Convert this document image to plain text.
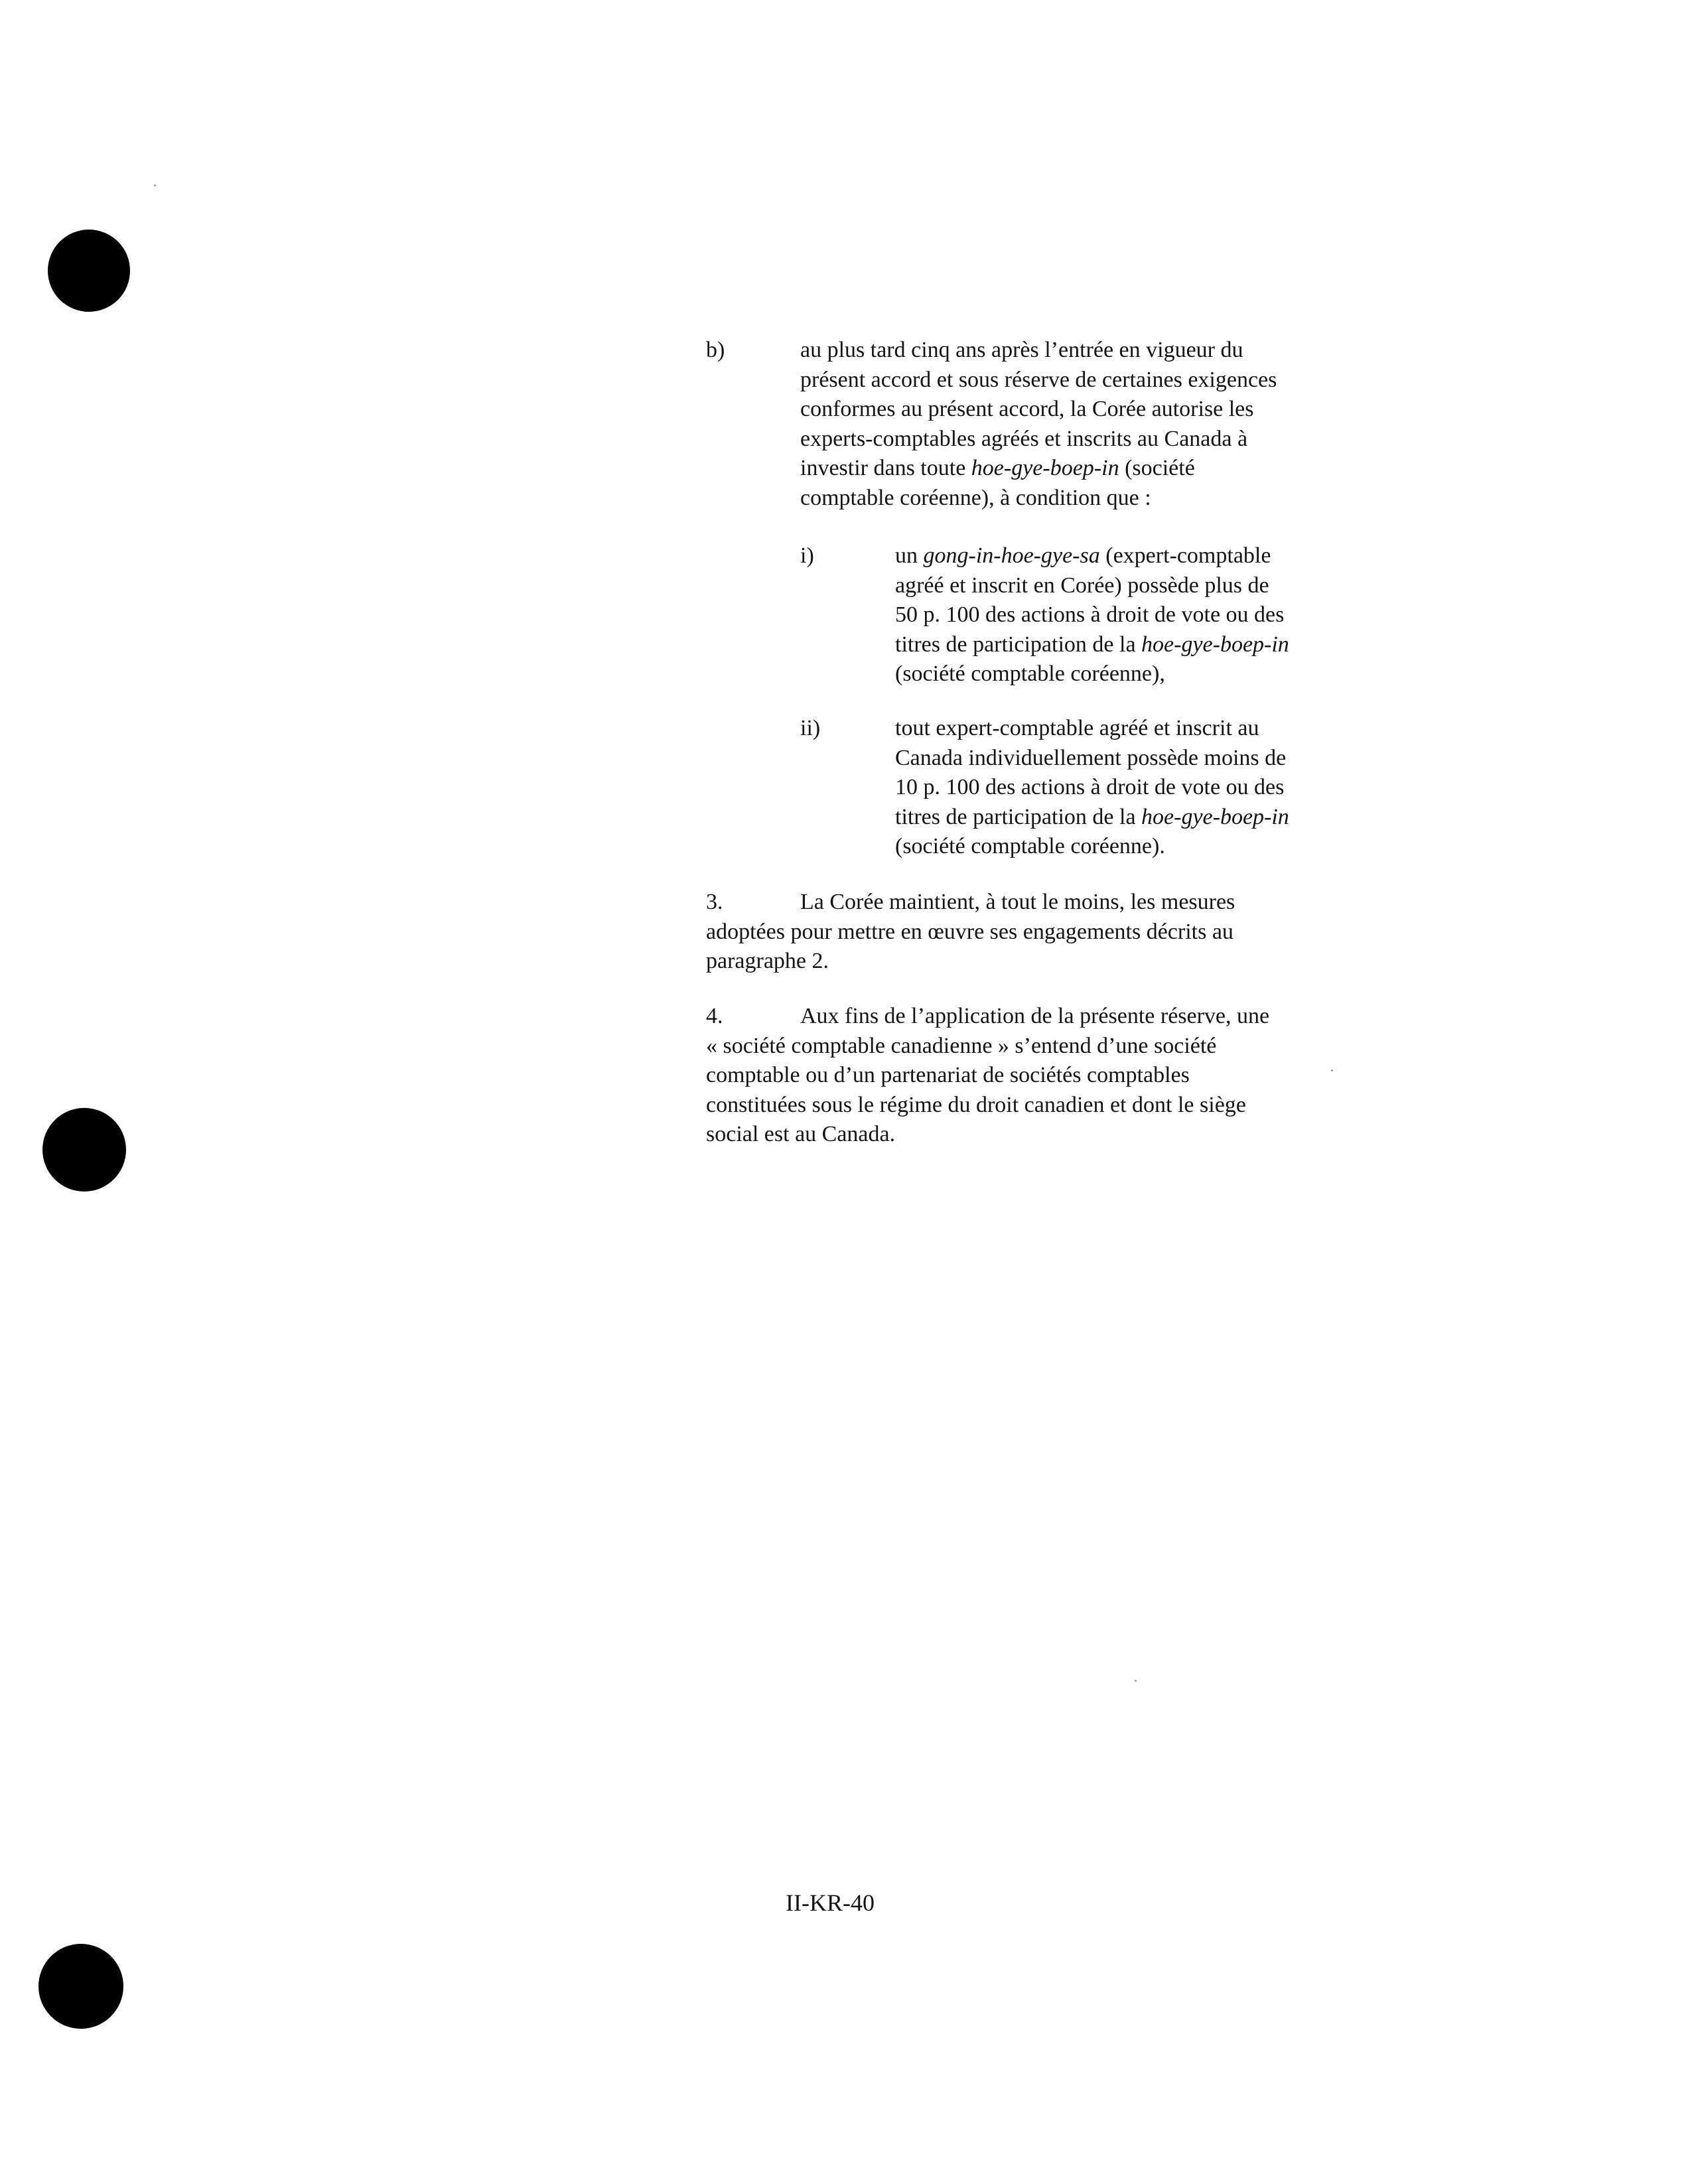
b)	au plus tard cinq ans après l’entrée en vigueur du
présent accord et sous réserve de certaines exigences
conformes au présent accord, la Corée autorise les
experts-comptables agréés et inscrits au Canada à
investir dans toute hoe-gye-boep-in (société
comptable coréenne), à condition que :
i)	un gong-in-hoe-gye-sa (expert-comptable
agréé et inscrit en Corée) possède plus de
50 p. 100 des actions à droit de vote ou des
titres de participation de la hoe-gye-boep-in
(société comptable coréenne),
ii)	tout expert-comptable agréé et inscrit au
Canada individuellement possède moins de
10 p. 100 des actions à droit de vote ou des
titres de participation de la hoe-gye-boep-in
(société comptable coréenne).
3.	La Corée maintient, à tout le moins, les mesures
adoptées pour mettre en œuvre ses engagements décrits au
paragraphe 2.
4.	Aux fins de l’application de la présente réserve, une
« société comptable canadienne » s’entend d’une société
comptable ou d’un partenariat de sociétés comptables
constituées sous le régime du droit canadien et dont le siège
social est au Canada.
II-KR-40
